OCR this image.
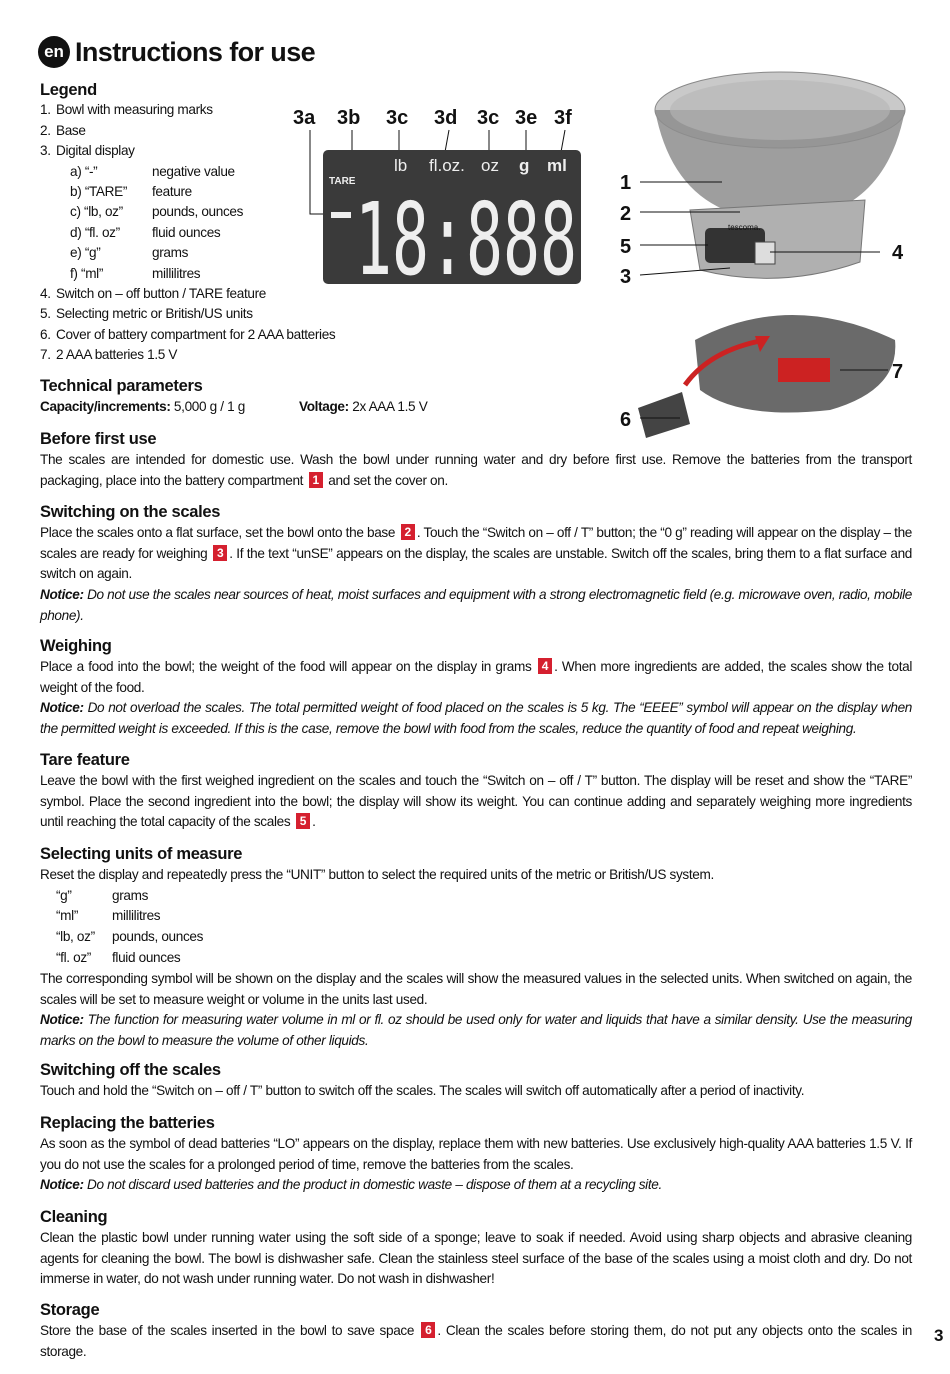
en Instructions for use
Legend
1. Bowl with measuring marks
2. Base
3. Digital display
a) “-”	negative value
b) “TARE”	feature
c) “lb, oz”	pounds, ounces
d) “fl. oz”	fluid ounces
e) “g”	grams
f) “ml”	millilitres
4. Switch on – off button / TARE feature
5. Selecting metric or British/US units
6. Cover of battery compartment for 2 AAA batteries
7. 2 AAA batteries 1.5 V
3a 3b 3c 3d 3c 3e 3f
TARE
lb fl.oz. oz g ml
18:888	tescoma.
1
2
5
3
4
7
6
Technical parameters
Capacity/increments: 5,000 g / 1 g	Voltage: 2x AAA 1.5 V
Before first use

The scales are intended for domestic use. Wash the bowl under running water and dry before first use. Remove the batteries from the transport packaging, place into the battery compartment 1 and set the cover on.

Switching on the scales

Place the scales onto a flat surface, set the bowl onto the base 2 . Touch the “Switch on – off / T” button; the “0 g” reading will appear on the display – the scales are ready for weighing 3 . If the text “unSE” appears on the display, the scales are unstable. Switch off the scales, bring them to a flat surface and switch on again.

Notice: Do not use the scales near sources of heat, moist surfaces and equipment with a strong electromagnetic field (e.g. microwave oven, radio, mobile phone).

Weighing

Place a food into the bowl; the weight of the food will appear on the display in grams 4 . When more ingredients are added, the scales show the total weight of the food.

Notice: Do not overload the scales. The total permitted weight of food placed on the scales is 5 kg. The “EEEE” symbol will appear on the display when the permitted weight is exceeded. If this is the case, remove the bowl with food from the scales, reduce the quantity of food and repeat weighing.

Tare feature

Leave the bowl with the first weighed ingredient on the scales and touch the “Switch on – off / T” button. The display will be reset and show the “TARE” symbol. Place the second ingredient into the bowl; the display will show its weight. You can continue adding and separately weighing more ingredients until reaching the total capacity of the scales 5 .

Selecting units of measure

Reset the display and repeatedly press the “UNIT” button to select the required units of the metric or British/US system.

“g”	grams
“ml”	millilitres
“lb, oz”	pounds, ounces
“fl. oz”	fluid ounces

The corresponding symbol will be shown on the display and the scales will show the measured values in the selected units. When switched on again, the scales will be set to measure weight or volume in the units last used.

Notice: The function for measuring water volume in ml or fl. oz should be used only for water and liquids that have a similar density. Use the measuring marks on the bowl to measure the volume of other liquids.

Switching off the scales

Touch and hold the “Switch on – off / T” button to switch off the scales. The scales will switch off automatically after a period of inactivity.

Replacing the batteries

As soon as the symbol of dead batteries “LO” appears on the display, replace them with new batteries. Use exclusively high-quality AAA batteries 1.5 V. If you do not use the scales for a prolonged period of time, remove the batteries from the scales.

Notice: Do not discard used batteries and the product in domestic waste – dispose of them at a recycling site.

Cleaning

Clean the plastic bowl under running water using the soft side of a sponge; leave to soak if needed. Avoid using sharp objects and abrasive cleaning agents for cleaning the bowl. The bowl is dishwasher safe. Clean the stainless steel surface of the base of the scales using a moist cloth and dry. Do not immerse in water, do not wash under running water. Do not wash in dishwasher!

Storage

Store the base of the scales inserted in the bowl to save space 6 . Clean the scales before storing them, do not put any objects onto the scales in storage.

3
